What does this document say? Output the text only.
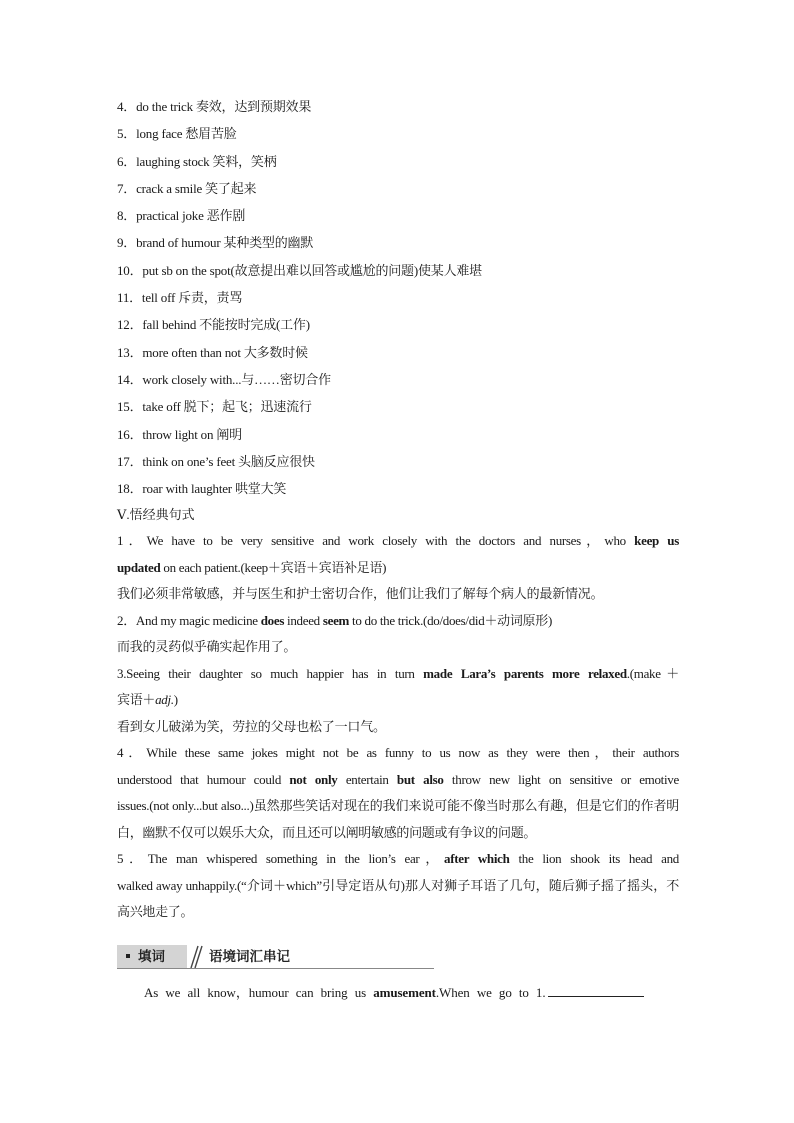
4．do the trick 奏效，达到预期效果
5．long face 愁眉苦脸
6．laughing stock 笑料，笑柄
7．crack a smile 笑了起来
8．practical joke 恶作剧
9．brand of humour 某种类型的幽默
10．put sb on the spot(故意提出难以回答或尴尬的问题)使某人难堪
11．tell off 斥责，责骂
12．fall behind 不能按时完成(工作)
13．more often than not 大多数时候
14．work closely with...与……密切合作
15．take off 脱下；起飞；迅速流行
16．throw light on 阐明
17．think on one’s feet 头脑反应很快
18．roar with laughter 哄堂大笑
Ⅴ.悟经典句式
1．We have to be very sensitive and work closely with the doctors and nurses，who keep us
updated on each patient.(keep＋宾语＋宾语补足语)
我们必须非常敏感，并与医生和护士密切合作，他们让我们了解每个病人的最新情况。
2．And my magic medicine does indeed seem to do the trick.(do/does/did＋动词原形)
而我的灵药似乎确实起作用了。
3.Seeing their daughter so much happier has in turn made Lara’s parents more relaxed.(make＋
宾语＋adj.)
看到女儿破涕为笑，劳拉的父母也松了一口气。
4．While these same jokes might not be as funny to us now as they were then，their authors
understood that humour could not only entertain but also throw new light on sensitive or emotive
issues.(not only...but also...)虽然那些笑话对现在的我们来说可能不像当时那么有趣，但是它们的作者明白，幽默不仅可以娱乐大众，而且还可以阐明敏感的问题或有争议的问题。
5．The man whispered something in the lion’s ear，after which the lion shook its head and
walked away unhappily.(“介词＋which”引导定语从句)那人对狮子耳语了几句，随后狮子摇了摇头，不高兴地走了。
填词	语境词汇串记
As we all know，humour can bring us amusement.When we go to 1.
